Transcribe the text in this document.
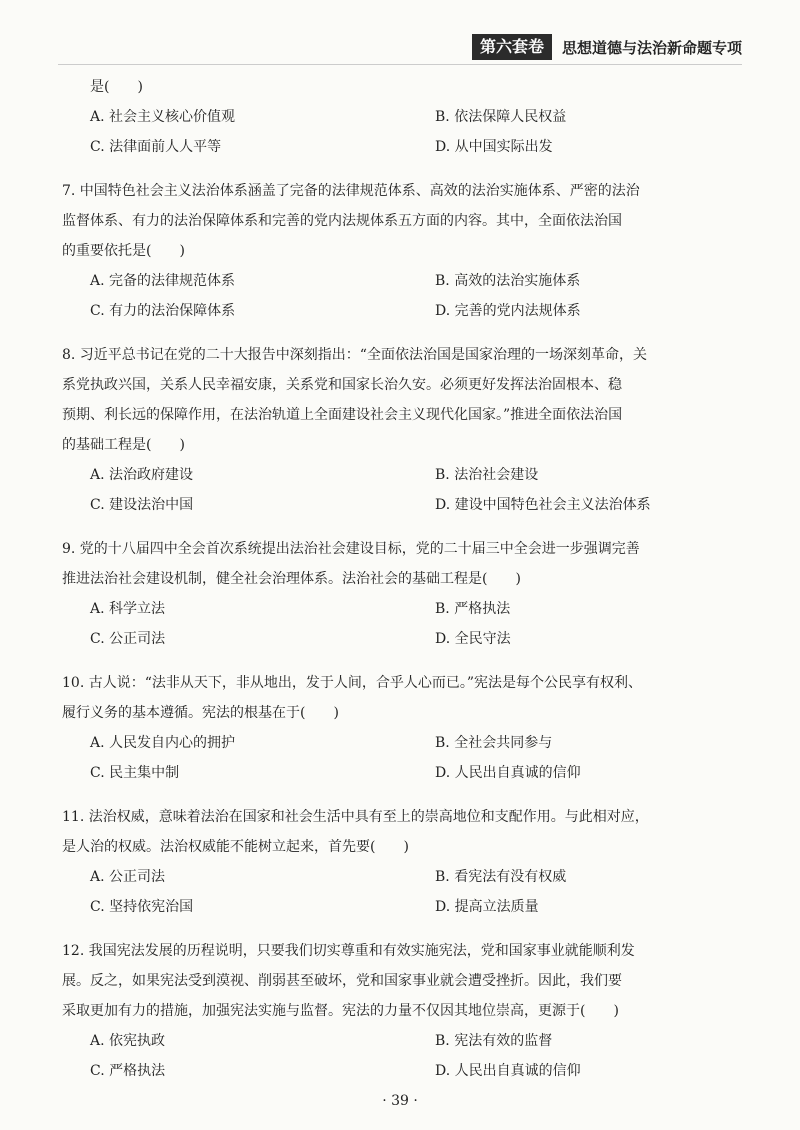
第六套卷	思想道德与法治新命题专项

是(　　)

A. 社会主义核心价值观	B. 依法保障人民权益
C. 法律面前人人平等	D. 从中国实际出发

7. 中国特色社会主义法治体系涵盖了完备的法律规范体系、高效的法治实施体系、严密的法治

监督体系、有力的法治保障体系和完善的党内法规体系五方面的内容。其中，全面依法治国

的重要依托是(　　)

A. 完备的法律规范体系	B. 高效的法治实施体系
C. 有力的法治保障体系	D. 完善的党内法规体系

8. 习近平总书记在党的二十大报告中深刻指出：“全面依法治国是国家治理的一场深刻革命，关

系党执政兴国，关系人民幸福安康，关系党和国家长治久安。必须更好发挥法治固根本、稳

预期、利长远的保障作用，在法治轨道上全面建设社会主义现代化国家。”推进全面依法治国

的基础工程是(　　)

A. 法治政府建设	B. 法治社会建设
C. 建设法治中国	D. 建设中国特色社会主义法治体系

9. 党的十八届四中全会首次系统提出法治社会建设目标，党的二十届三中全会进一步强调完善

推进法治社会建设机制，健全社会治理体系。法治社会的基础工程是(　　)

A. 科学立法	B. 严格执法
C. 公正司法	D. 全民守法

10. 古人说：“法非从天下，非从地出，发于人间，合乎人心而已。”宪法是每个公民享有权利、

履行义务的基本遵循。宪法的根基在于(　　)

A. 人民发自内心的拥护	B. 全社会共同参与
C. 民主集中制	D. 人民出自真诚的信仰

11. 法治权威，意味着法治在国家和社会生活中具有至上的崇高地位和支配作用。与此相对应，

是人治的权威。法治权威能不能树立起来，首先要(　　)

A. 公正司法	B. 看宪法有没有权威
C. 坚持依宪治国	D. 提高立法质量

12. 我国宪法发展的历程说明，只要我们切实尊重和有效实施宪法，党和国家事业就能顺利发

展。反之，如果宪法受到漠视、削弱甚至破坏，党和国家事业就会遭受挫折。因此，我们要

采取更加有力的措施，加强宪法实施与监督。宪法的力量不仅因其地位崇高，更源于(　　)

A. 依宪执政	B. 宪法有效的监督
C. 严格执法	D. 人民出自真诚的信仰
· 39 ·
